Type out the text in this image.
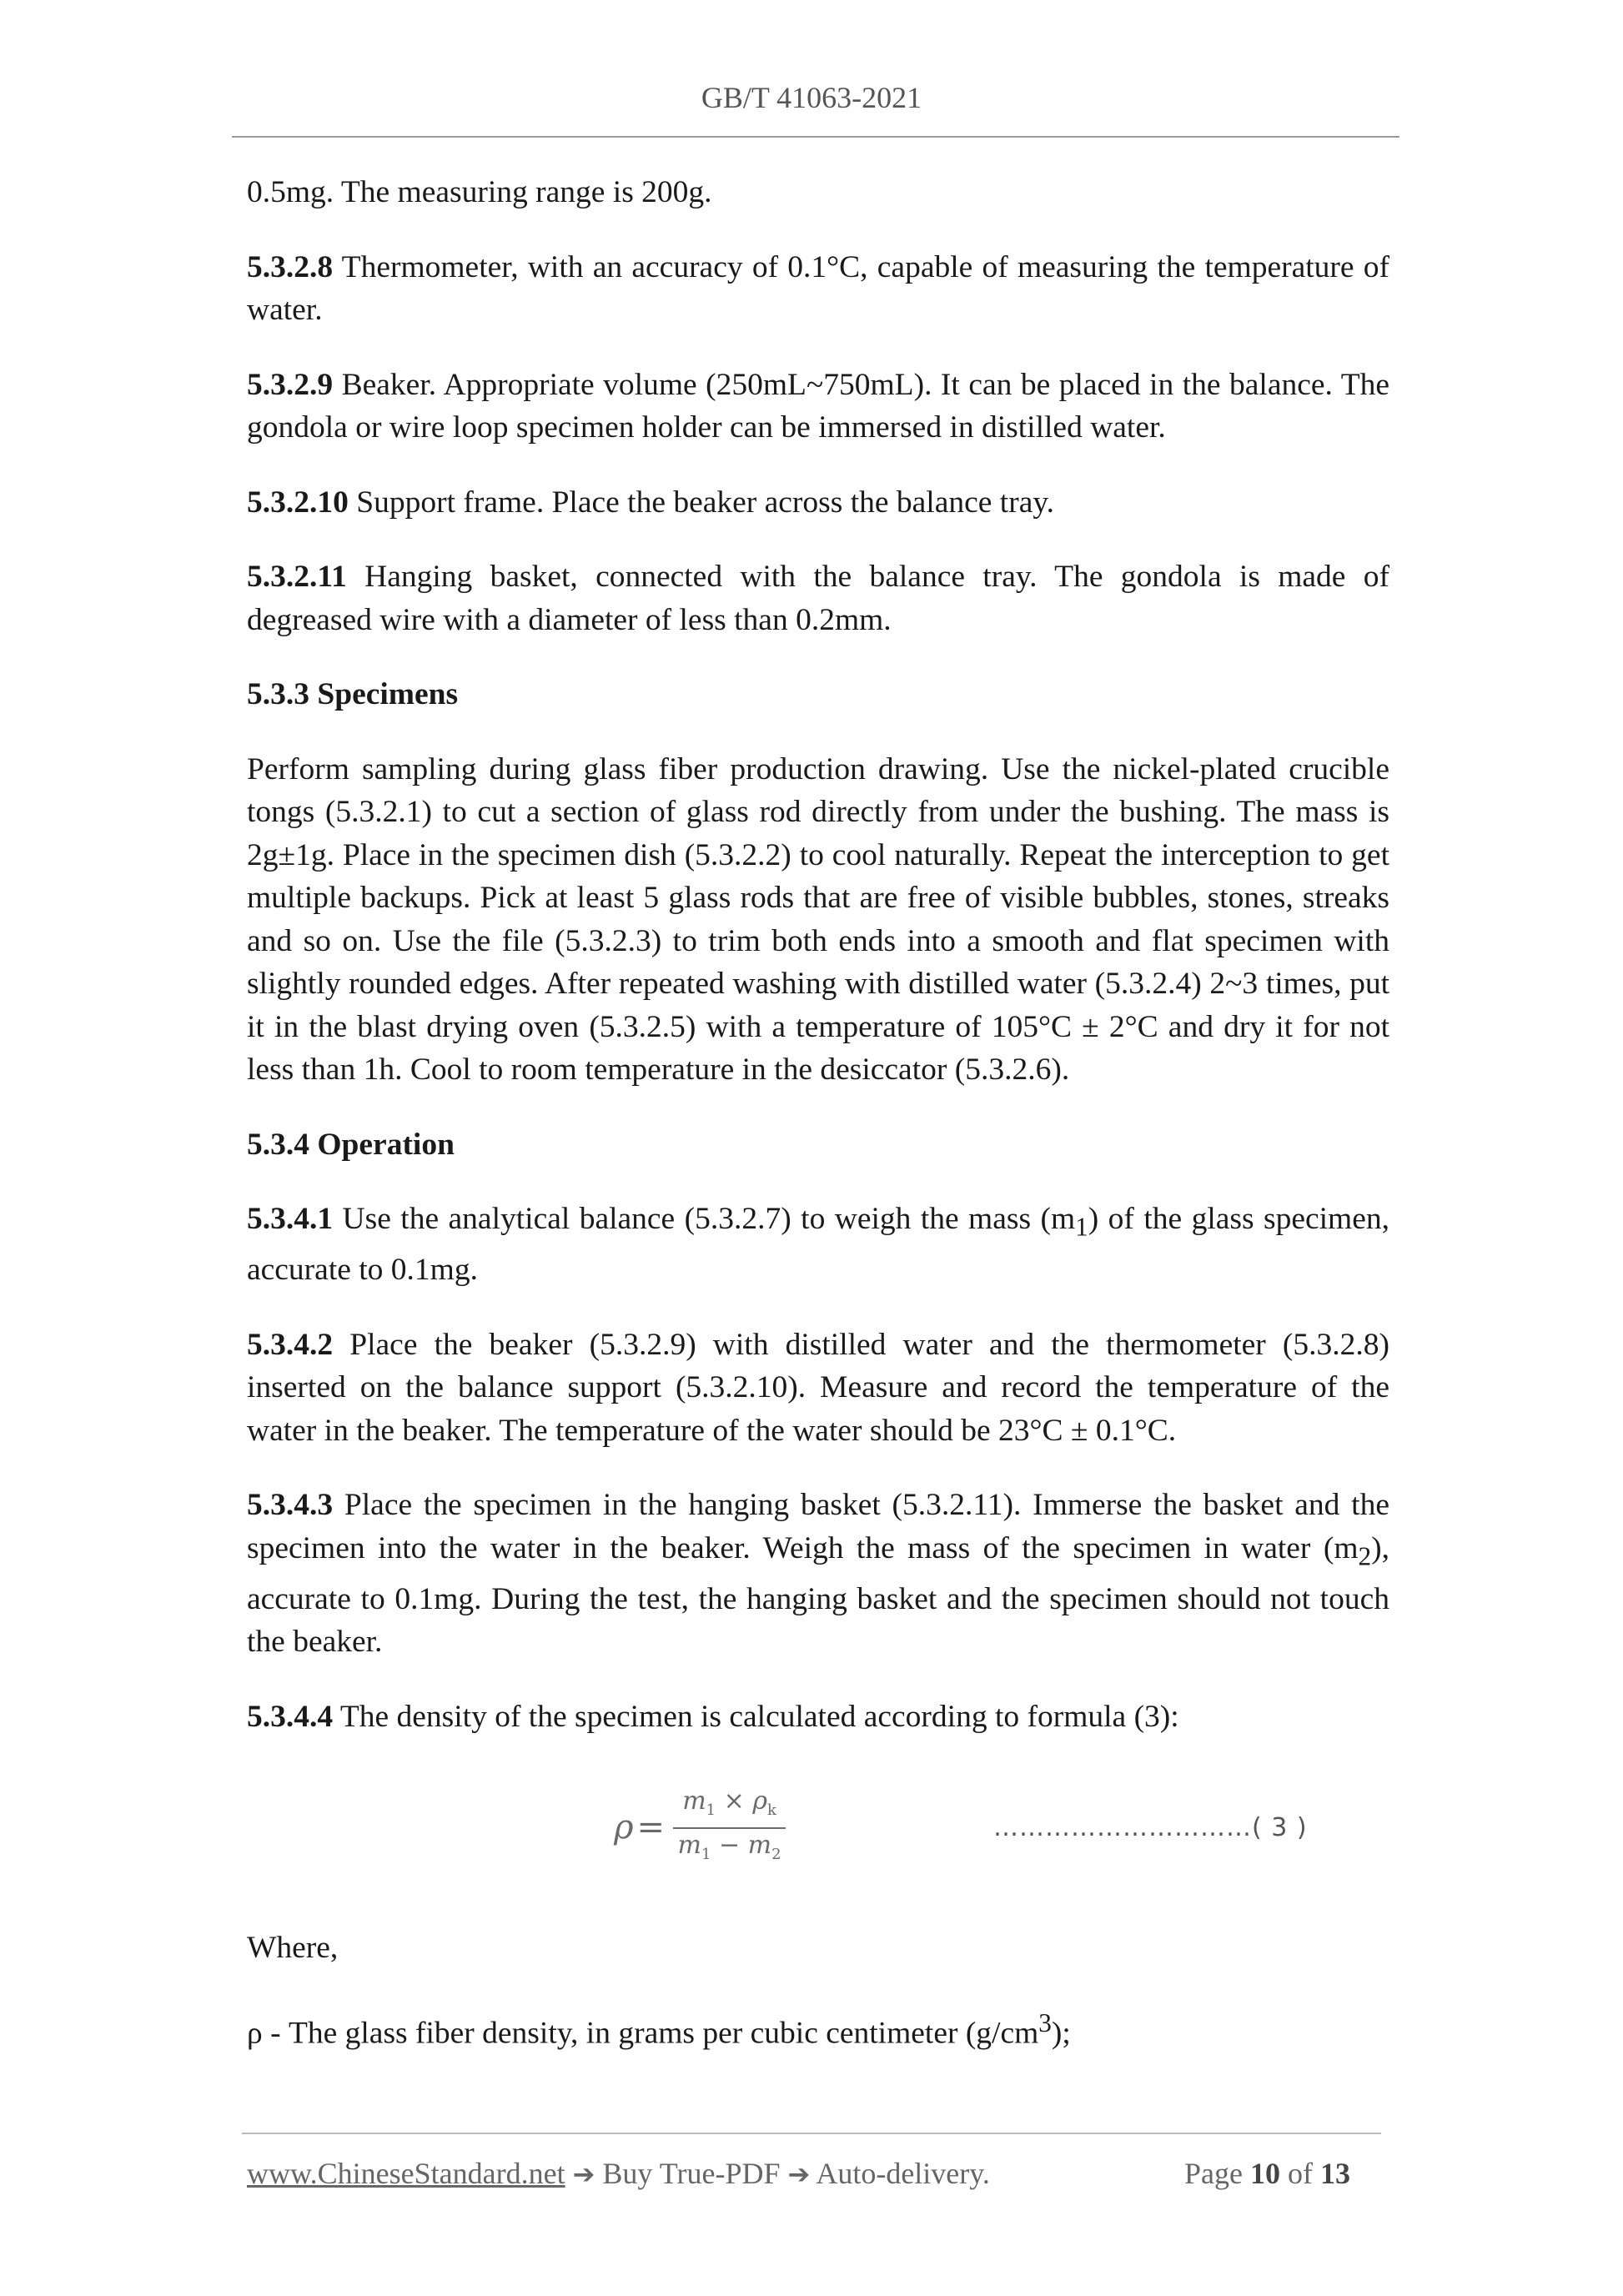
GB/T 41063-2021

0.5mg. The measuring range is 200g.

5.3.2.8 Thermometer, with an accuracy of 0.1°C, capable of measuring the temperature of water.

5.3.2.9 Beaker. Appropriate volume (250mL~750mL). It can be placed in the balance. The gondola or wire loop specimen holder can be immersed in distilled water.

5.3.2.10 Support frame. Place the beaker across the balance tray.

5.3.2.11 Hanging basket, connected with the balance tray. The gondola is made of degreased wire with a diameter of less than 0.2mm.

5.3.3 Specimens

Perform sampling during glass fiber production drawing. Use the nickel-plated crucible tongs (5.3.2.1) to cut a section of glass rod directly from under the bushing. The mass is 2g±1g. Place in the specimen dish (5.3.2.2) to cool naturally. Repeat the interception to get multiple backups. Pick at least 5 glass rods that are free of visible bubbles, stones, streaks and so on. Use the file (5.3.2.3) to trim both ends into a smooth and flat specimen with slightly rounded edges. After repeated washing with distilled water (5.3.2.4) 2~3 times, put it in the blast drying oven (5.3.2.5) with a temperature of 105°C ± 2°C and dry it for not less than 1h. Cool to room temperature in the desiccator (5.3.2.6).

5.3.4 Operation

5.3.4.1 Use the analytical balance (5.3.2.7) to weigh the mass $(m_1)$ of the glass specimen, accurate to 0.1mg.

5.3.4.2 Place the beaker (5.3.2.9) with distilled water and the thermometer (5.3.2.8) inserted on the balance support (5.3.2.10). Measure and record the temperature of the water in the beaker. The temperature of the water should be 23°C ± 0.1°C.

5.3.4.3 Place the specimen in the hanging basket (5.3.2.11). Immerse the basket and the specimen into the water in the beaker. Weigh the mass of the specimen in water $(m_2)$, accurate to 0.1mg. During the test, the hanging basket and the specimen should not touch the beaker.

5.3.4.4 The density of the specimen is calculated according to formula (3):

$\rho = \frac{m_1 \times \rho_k}{m_1 - m_2}$	…………………………( 3 )

Where,

ρ - The glass fiber density, in grams per cubic centimeter $(g/cm^3)$;

www.ChineseStandard.net ➔ Buy True-PDF ➔ Auto-delivery.	Page 10 of 13
